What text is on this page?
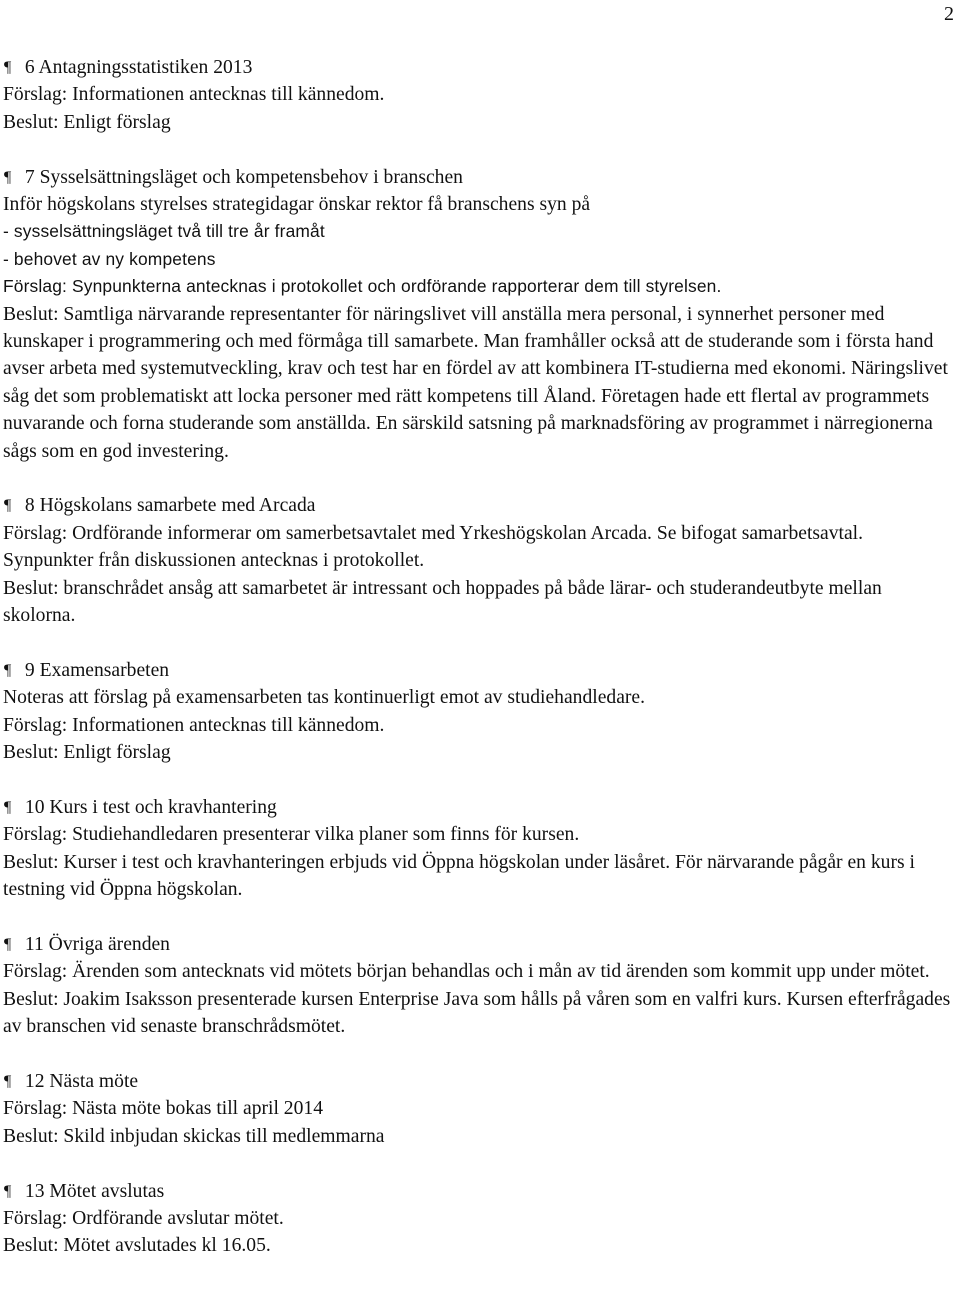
2
¶ 6 Antagningsstatistiken 2013
Förslag: Informationen antecknas till kännedom.
Beslut: Enligt förslag
¶ 7 Sysselsättningsläget och kompetensbehov i branschen
Inför högskolans styrelses strategidagar önskar rektor få branschens syn på
- sysselsättningsläget två till tre år framåt
- behovet av ny kompetens
Förslag: Synpunkterna antecknas i protokollet och ordförande rapporterar dem till styrelsen.
Beslut: Samtliga närvarande representanter för näringslivet vill anställa mera personal, i synnerhet personer med kunskaper i programmering och med förmåga till samarbete. Man framhåller också att de studerande som i första hand avser arbeta med systemutveckling, krav och test har en fördel av att kombinera IT-studierna med ekonomi. Näringslivet såg det som problematiskt att locka personer med rätt kompetens till Åland. Företagen hade ett flertal av programmets nuvarande och forna studerande som anställda. En särskild satsning på marknadsföring av programmet i närregionerna sågs som en god investering.
¶ 8 Högskolans samarbete med Arcada
Förslag: Ordförande informerar om samerbetsavtalet med Yrkeshögskolan Arcada. Se bifogat samarbetsavtal. Synpunkter från diskussionen antecknas i protokollet.
Beslut: branschrådet ansåg att samarbetet är intressant och hoppades på både lärar- och studerandeutbyte mellan skolorna.
¶ 9 Examensarbeten
Noteras att förslag på examensarbeten tas kontinuerligt emot av studiehandledare.
Förslag: Informationen antecknas till kännedom.
Beslut: Enligt förslag
¶ 10 Kurs i test och kravhantering
Förslag: Studiehandledaren presenterar vilka planer som finns för kursen.
Beslut: Kurser i test och kravhanteringen erbjuds vid Öppna högskolan under läsåret. För närvarande pågår en kurs i testning vid Öppna högskolan.
¶ 11 Övriga ärenden
Förslag: Ärenden som antecknats vid mötets början behandlas och i mån av tid ärenden som kommit upp under mötet.
Beslut: Joakim Isaksson presenterade kursen Enterprise Java som hålls på våren som en valfri kurs. Kursen efterfrågades av branschen vid senaste branschrådsmötet.
¶ 12 Nästa möte
Förslag: Nästa möte bokas till april 2014
Beslut: Skild inbjudan skickas till medlemmarna
¶ 13 Mötet avslutas
Förslag: Ordförande avslutar mötet.
Beslut: Mötet avslutades kl 16.05.
